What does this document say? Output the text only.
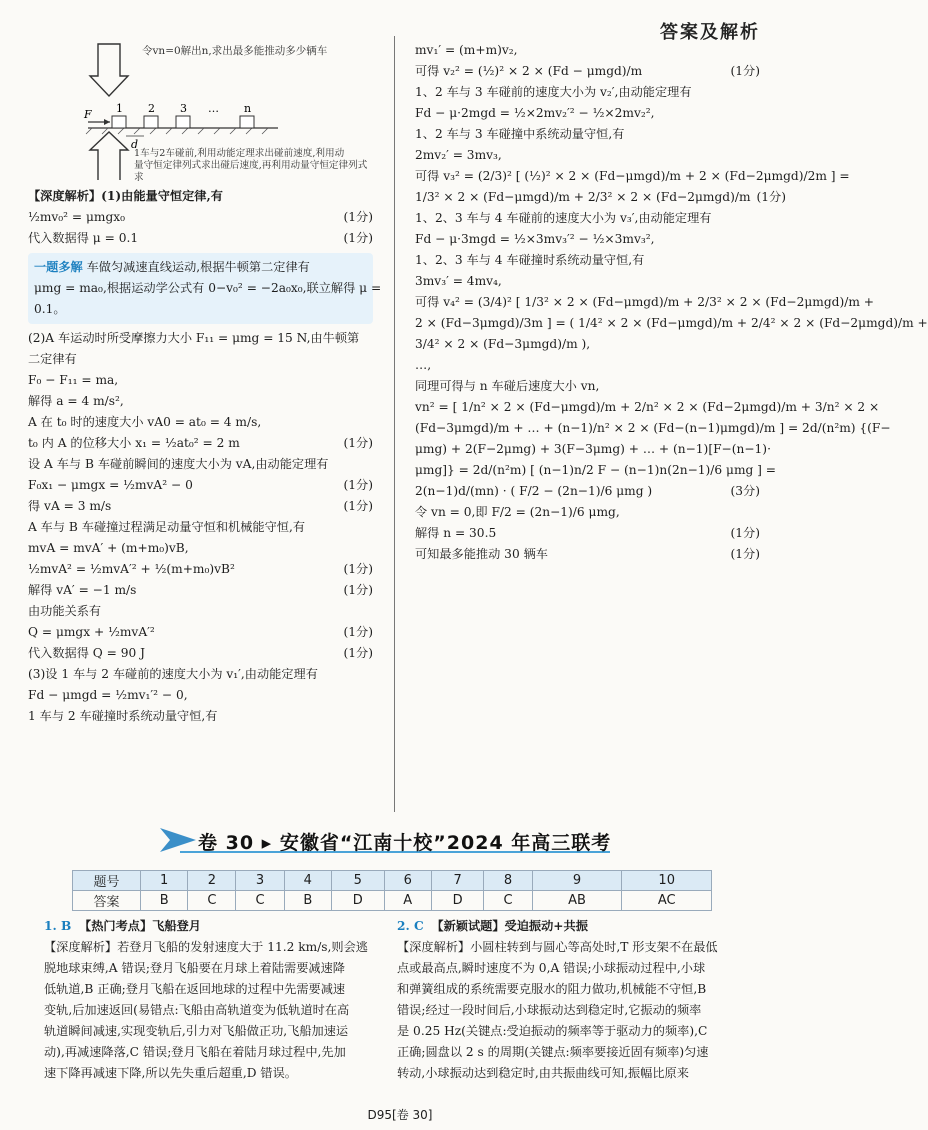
答案及解析
1 2 3 … n
F
d
令vn=0解出n,求出最多能推动多少辆车
1车与2车碰前,利用动能定理求出碰前速度,利用动
量守恒定律列式求出碰后速度,再利用动量守恒定律列式求
【深度解析】(1)由能量守恒定律,有
½mv₀² = μmgx₀	(1分)
代入数据得 μ = 0.1	(1分)
一题多解 车做匀减速直线运动,根据牛顿第二定律有
μmg = ma₀,根据运动学公式有 0−v₀² = −2a₀x₀,联立解得 μ =
0.1。
(2)A 车运动时所受摩擦力大小 F₁₁ = μmg = 15 N,由牛顿第
二定律有
F₀ − F₁₁ = ma,
解得 a = 4 m/s²,
A 在 t₀ 时的速度大小 vA0 = at₀ = 4 m/s,
t₀ 内 A 的位移大小 x₁ = ½at₀² = 2 m	(1分)
设 A 车与 B 车碰前瞬间的速度大小为 vA,由动能定理有
F₀x₁ − μmgx = ½mvA² − 0	(1分)
得 vA = 3 m/s	(1分)
A 车与 B 车碰撞过程满足动量守恒和机械能守恒,有
mvA = mvA′ + (m+m₀)vB,
½mvA² = ½mvA′² + ½(m+m₀)vB²	(1分)
解得 vA′ = −1 m/s	(1分)
由功能关系有
Q = μmgx + ½mvA′²	(1分)
代入数据得 Q = 90 J	(1分)
(3)设 1 车与 2 车碰前的速度大小为 v₁′,由动能定理有
Fd − μmgd = ½mv₁′² − 0,
1 车与 2 车碰撞时系统动量守恒,有
mv₁′ = (m+m)v₂,
可得 v₂² = (½)² × 2 × (Fd − μmgd)/m	(1分)
1、2 车与 3 车碰前的速度大小为 v₂′,由动能定理有
Fd − μ·2mgd = ½×2mv₂′² − ½×2mv₂²,
1、2 车与 3 车碰撞中系统动量守恒,有
2mv₂′ = 3mv₃,
可得 v₃² = (2/3)² [ (½)² × 2 × (Fd−μmgd)/m + 2 × (Fd−2μmgd)/2m ] =
1/3² × 2 × (Fd−μmgd)/m + 2/3² × 2 × (Fd−2μmgd)/m (1分)
1、2、3 车与 4 车碰前的速度大小为 v₃′,由动能定理有
Fd − μ·3mgd = ½×3mv₃′² − ½×3mv₃²,
1、2、3 车与 4 车碰撞时系统动量守恒,有
3mv₃′ = 4mv₄,
可得 v₄² = (3/4)² [ 1/3² × 2 × (Fd−μmgd)/m + 2/3² × 2 × (Fd−2μmgd)/m +
2 × (Fd−3μmgd)/3m ] = ( 1/4² × 2 × (Fd−μmgd)/m + 2/4² × 2 × (Fd−2μmgd)/m +
3/4² × 2 × (Fd−3μmgd)/m ),
…,
同理可得与 n 车碰后速度大小 vn,
vn² = [ 1/n² × 2 × (Fd−μmgd)/m + 2/n² × 2 × (Fd−2μmgd)/m + 3/n² × 2 ×
(Fd−3μmgd)/m + … + (n−1)/n² × 2 × (Fd−(n−1)μmgd)/m ] = 2d/(n²m) {(F−
μmg) + 2(F−2μmg) + 3(F−3μmg) + … + (n−1)[F−(n−1)·
μmg]} = 2d/(n²m) [ (n−1)n/2 F − (n−1)n(2n−1)/6 μmg ] =
2(n−1)d/(mn) · ( F/2 − (2n−1)/6 μmg )	(3分)
令 vn = 0,即 F/2 = (2n−1)/6 μmg,
解得 n = 30.5	(1分)
可知最多能推动 30 辆车	(1分)
卷 30 ▸ 安徽省“江南十校”2024 年高三联考
题号	1	2	3	4	5	6	7	8	9	10
答案	B	C	C	B	D	A	D	C	AB	AC
1. B 【热门考点】飞船登月
【深度解析】若登月飞船的发射速度大于 11.2 km/s,则会逃
脱地球束缚,A 错误;登月飞船要在月球上着陆需要减速降
低轨道,B 正确;登月飞船在返回地球的过程中先需要减速
变轨,后加速返回(易错点:飞船由高轨道变为低轨道时在高
轨道瞬间减速,实现变轨后,引力对飞船做正功,飞船加速运
动),再减速降落,C 错误;登月飞船在着陆月球过程中,先加
速下降再减速下降,所以先失重后超重,D 错误。
2. C 【新颖试题】受迫振动+共振
【深度解析】小圆柱转到与圆心等高处时,T 形支架不在最低
点或最高点,瞬时速度不为 0,A 错误;小球振动过程中,小球
和弹簧组成的系统需要克服水的阻力做功,机械能不守恒,B
错误;经过一段时间后,小球振动达到稳定时,它振动的频率
是 0.25 Hz(关键点:受迫振动的频率等于驱动力的频率),C
正确;圆盘以 2 s 的周期(关键点:频率要接近固有频率)匀速
转动,小球振动达到稳定时,由共振曲线可知,振幅比原来
D95[卷 30]
